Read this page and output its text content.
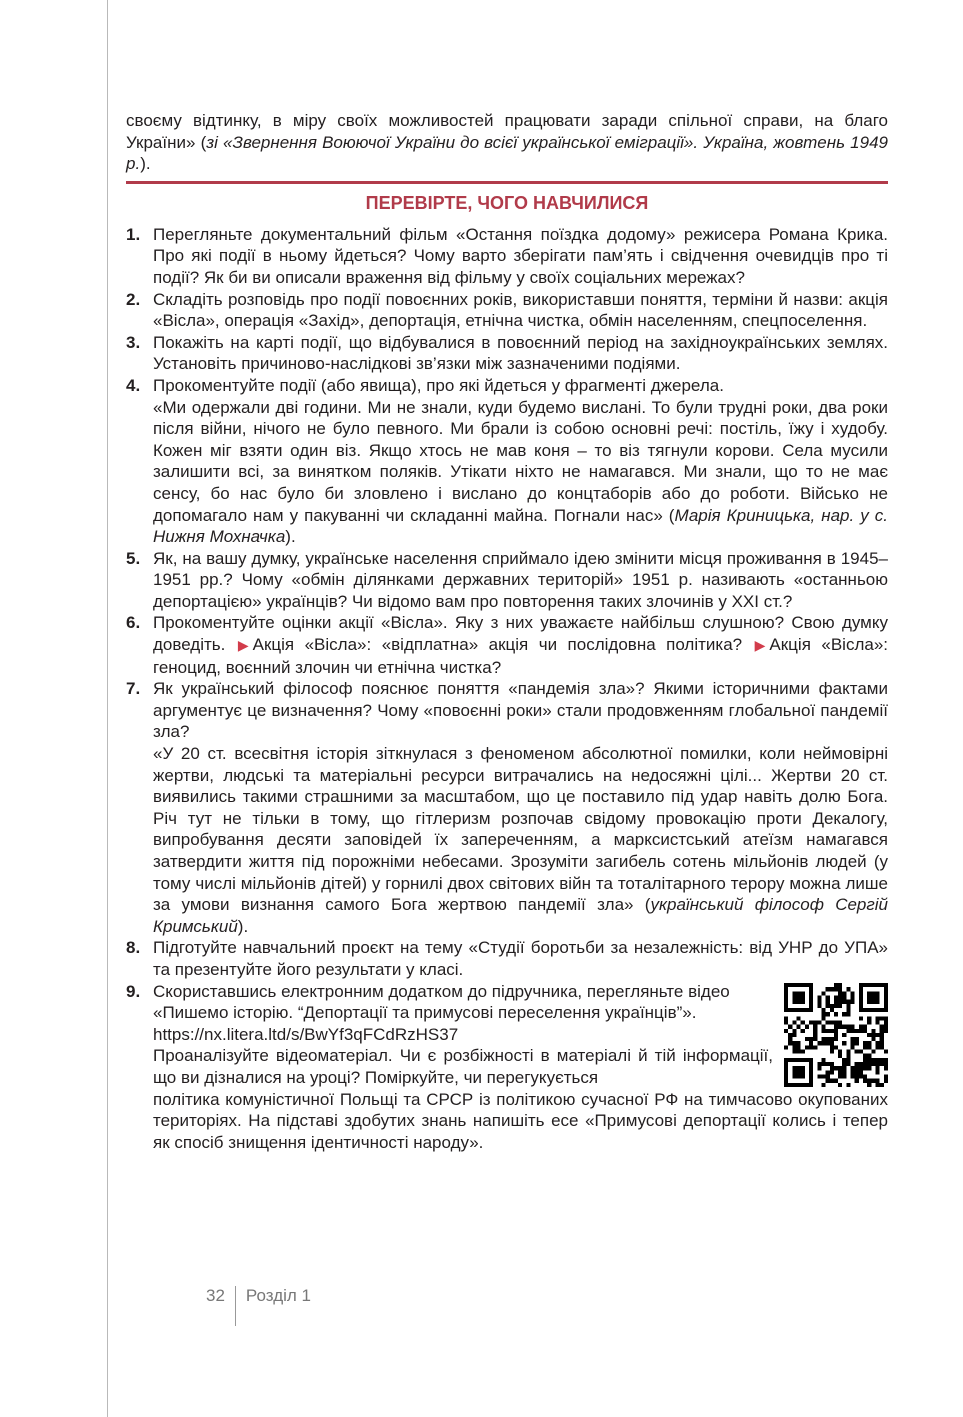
своєму відтинку, в міру своїх можливостей працювати заради спільної справи, на благо України» (зі «Звернення Воюючої України до всієї української еміграції». Україна, жовтень 1949 р.).

ПЕРЕВІРТЕ, ЧОГО НАВЧИЛИСЯ
1. Перегляньте документальний фільм «Остання поїздка додому» режисера Романа Крика. Про які події в ньому йдеться? Чому варто зберігати пам’ять і свідчення очевидців про ті події? Як би ви описали враження від фільму у своїх соціальних мережах?
2. Складіть розповідь про події повоєнних років, використавши поняття, терміни й назви: акція «Вісла», операція «Захід», депортація, етнічна чистка, обмін населенням, спецпоселення.
3. Покажіть на карті події, що відбувалися в повоєнний період на західноукраїнських землях. Установіть причиново-наслідкові зв’язки між зазначеними подіями.
4. Прокоментуйте події (або явища), про які йдеться у фрагменті джерела.

«Ми одержали дві години. Ми не знали, куди будемо вислані. То були трудні роки, два роки після війни, нічого не було певного. Ми брали із собою основні речі: постіль, їжу і худобу. Кожен міг взяти один віз. Якщо хтось не мав коня – то віз тягнули корови. Села мусили залишити всі, за винятком поляків. Утікати ніхто не намагався. Ми знали, що то не має сенсу, бо нас було би зловлено і вислано до концтаборів або до роботи. Військо не допомагало нам у пакуванні чи складанні майна. Погнали нас» (Марія Криницька, нар. у с. Нижня Мохначка).

5. Як, на вашу думку, українське населення сприймало ідею змінити місця проживання в 1945–1951 рр.? Чому «обмін ділянками державних територій» 1951 р. називають «останньою депортацією» українців? Чи відомо вам про повторення таких злочинів у ХХІ ст.?
6. Прокоментуйте оцінки акції «Вісла». Яку з них уважаєте найбільш слушною? Свою думку доведіть. ▶ Акція «Вісла»: «відплатна» акція чи послідовна політика? ▶ Акція «Вісла»: геноцид, воєнний злочин чи етнічна чистка?
7. Як український філософ пояснює поняття «пандемія зла»? Якими історичними фактами аргументує це визначення? Чому «повоєнні роки» стали продовженням глобальної пандемії зла?

«У 20 ст. всесвітня історія зіткнулася з феноменом абсолютної помилки, коли неймовірні жертви, людські та матеріальні ресурси витрачались на недосяжні цілі... Жертви 20 ст. виявились такими страшними за масштабом, що це поставило під удар навіть долю Бога. Річ тут не тільки в тому, що гітлеризм розпочав свідому провокацію проти Декалогу, випробування десяти заповідей їх запереченням, а марксистський атеїзм намагався затвердити життя під порожніми небесами. Зрозуміти загибель сотень мільйонів людей (у тому числі мільйонів дітей) у горнилі двох світових війн та тоталітарного терору можна лише за умови визнання самого Бога жертвою пандемії зла» (український філософ Сергій Кримський).

8. Підготуйте навчальний проєкт на тему «Студії боротьби за незалежність: від УНР до УПА» та презентуйте його результати у класі.
9. Скориставшись електронним додатком до підручника, перегляньте відео «Пишемо історію. “Депортації та примусові переселення українців”». https://nx.litera.ltd/s/BwYf3qFCdRzHS37

Проаналізуйте відеоматеріал. Чи є розбіжності в матеріалі й тій інформації, що ви дізналися на уроці? Поміркуйте, чи перегукується

політика комуністичної Польщі та СРСР із політикою сучасної РФ на тимчасово окупованих територіях. На підставі здобутих знань напишіть есе «Примусові депортації колись і тепер як спосіб знищення ідентичності народу».

32	Розділ 1
